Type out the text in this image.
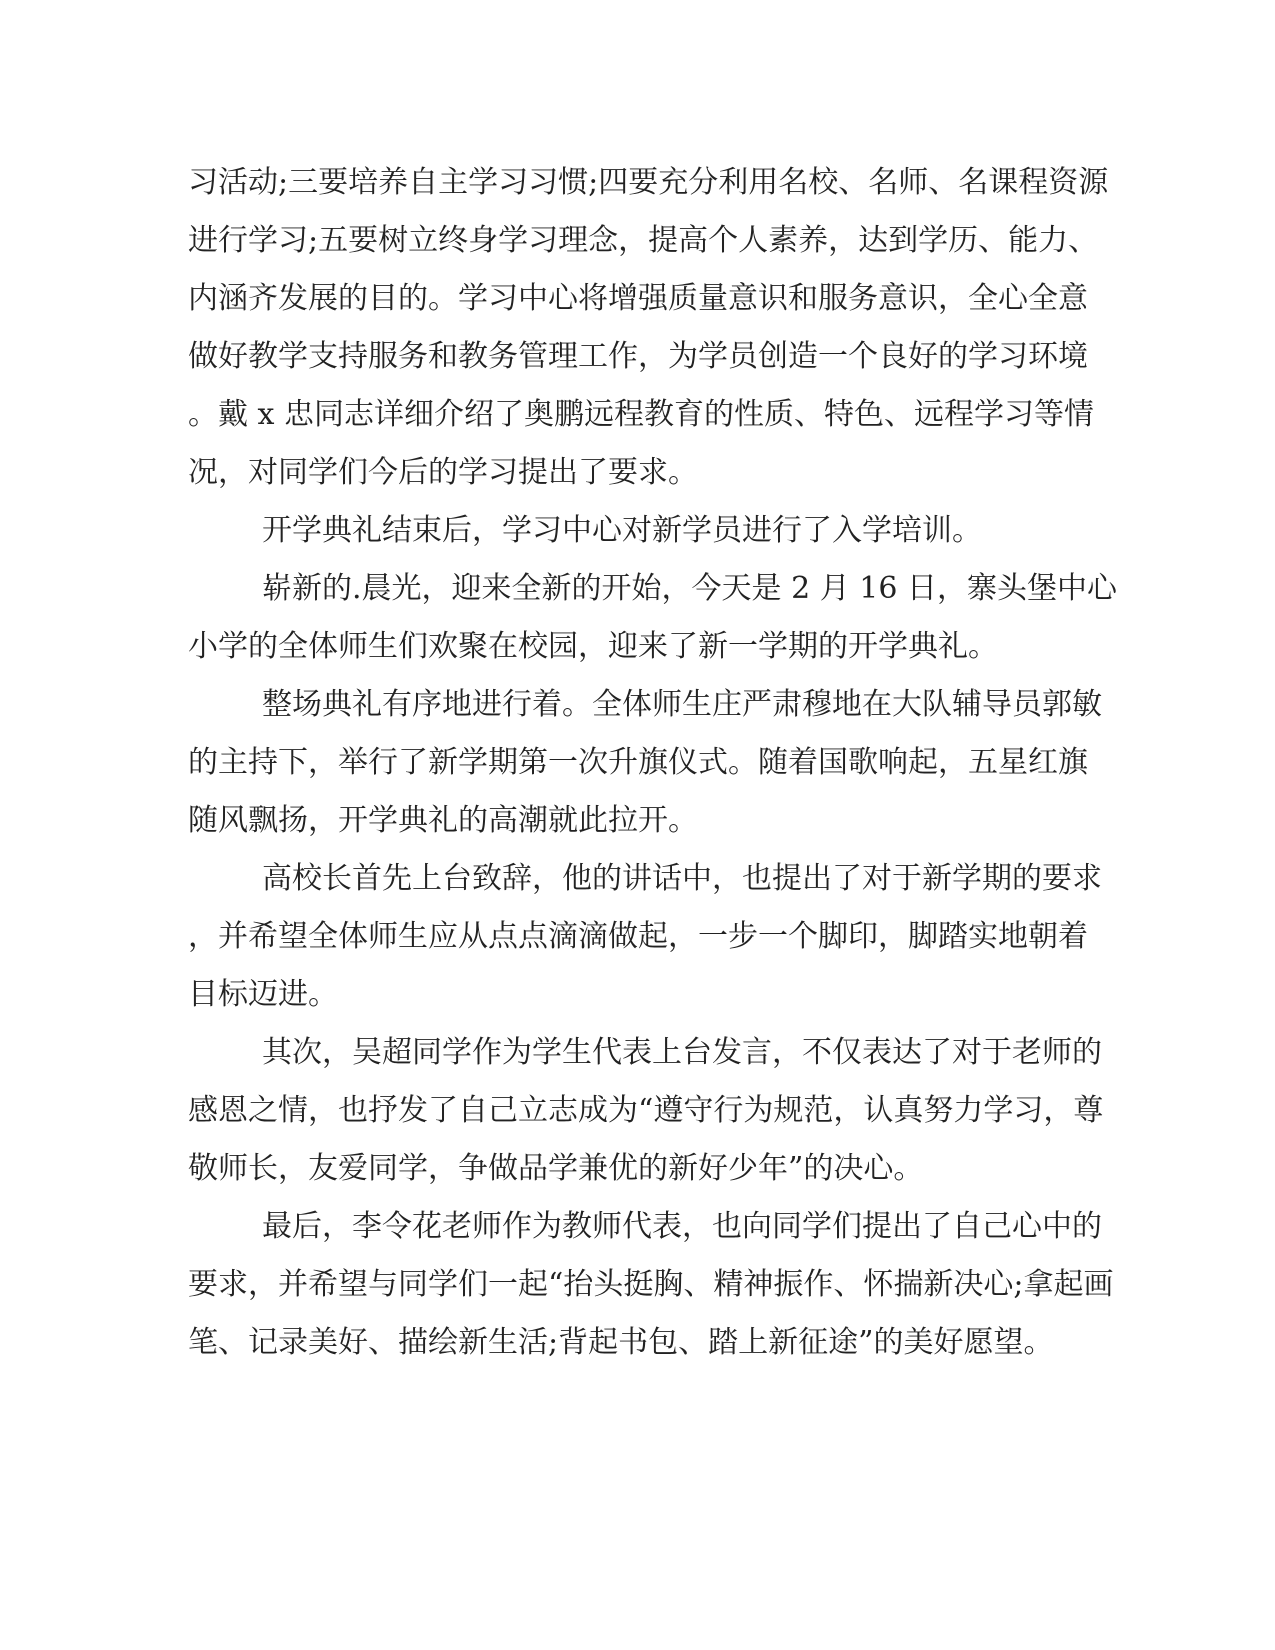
习活动;三要培养自主学习习惯;四要充分利用名校、名师、名课程资源
进行学习;五要树立终身学习理念，提高个人素养，达到学历、能力、
内涵齐发展的目的。学习中心将增强质量意识和服务意识，全心全意
做好教学支持服务和教务管理工作，为学员创造一个良好的学习环境
。戴 x 忠同志详细介绍了奥鹏远程教育的性质、特色、远程学习等情
况，对同学们今后的学习提出了要求。
开学典礼结束后，学习中心对新学员进行了入学培训。
崭新的.晨光，迎来全新的开始，今天是 2 月 16 日，寨头堡中心
小学的全体师生们欢聚在校园，迎来了新一学期的开学典礼。
整场典礼有序地进行着。全体师生庄严肃穆地在大队辅导员郭敏
的主持下，举行了新学期第一次升旗仪式。随着国歌响起，五星红旗
随风飘扬，开学典礼的高潮就此拉开。
高校长首先上台致辞，他的讲话中，也提出了对于新学期的要求
，并希望全体师生应从点点滴滴做起，一步一个脚印，脚踏实地朝着
目标迈进。
其次，吴超同学作为学生代表上台发言，不仅表达了对于老师的
感恩之情，也抒发了自己立志成为“遵守行为规范，认真努力学习，尊
敬师长，友爱同学，争做品学兼优的新好少年”的决心。
最后，李令花老师作为教师代表，也向同学们提出了自己心中的
要求，并希望与同学们一起“抬头挺胸、精神振作、怀揣新决心;拿起画
笔、记录美好、描绘新生活;背起书包、踏上新征途”的美好愿望。
